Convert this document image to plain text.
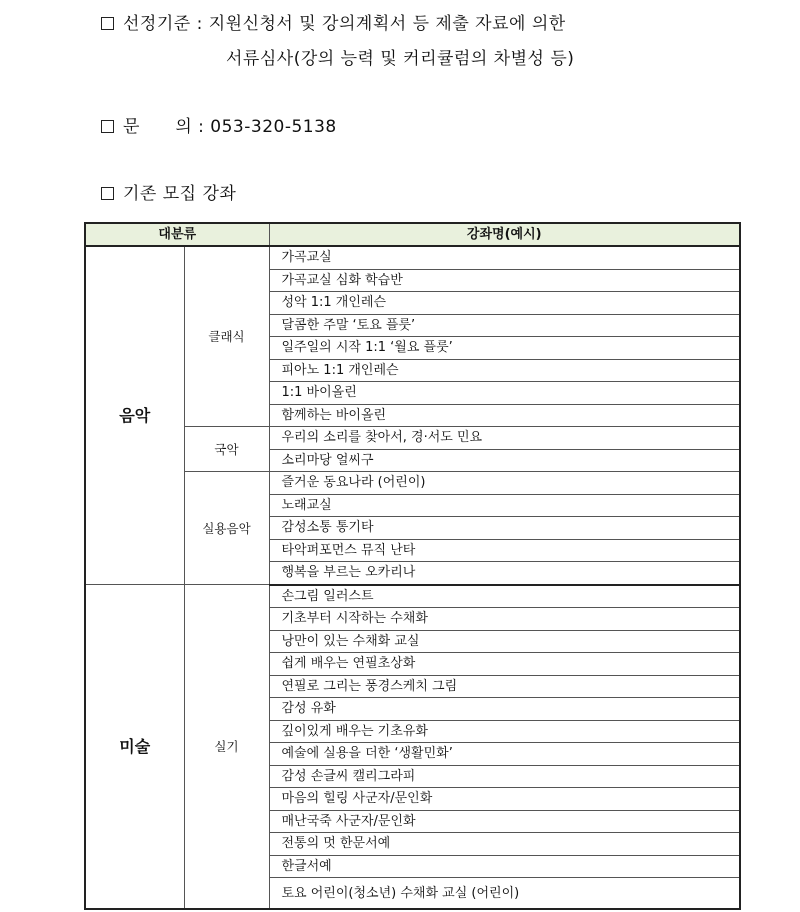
선정기준 : 지원신청서 및 강의계획서 등 제출 자료에 의한
서류심사(강의 능력 및 커리큘럼의 차별성 등)
문      의 : 053-320-5138
기존 모집 강좌
대분류		강좌명(예시)
음악	클래식	가곡교실
		가곡교실 심화 학습반
		성악 1:1 개인레슨
		달콤한 주말 ‘토요 플룻’
		일주일의 시작 1:1 ‘월요 플룻’
		피아노 1:1 개인레슨
		1:1 바이올린
		함께하는 바이올린
	국악	우리의 소리를 찾아서, 경·서도 민요
		소리마당 얼씨구
	실용음악	즐거운 동요나라 (어린이)
		노래교실
		감성소통 통기타
		타악퍼포먼스 뮤직 난타
		행복을 부르는 오카리나
미술	실기	손그림 일러스트
		기초부터 시작하는 수채화
		낭만이 있는 수채화 교실
		쉽게 배우는 연필초상화
		연필로 그리는 풍경스케치 그림
		감성 유화
		깊이있게 배우는 기초유화
		예술에 실용을 더한 ‘생활민화’
		감성 손글씨 캘리그라피
		마음의 힐링 사군자/문인화
		매난국죽 사군자/문인화
		전통의 멋 한문서예
		한글서예
		토요 어린이(청소년) 수채화 교실 (어린이)
